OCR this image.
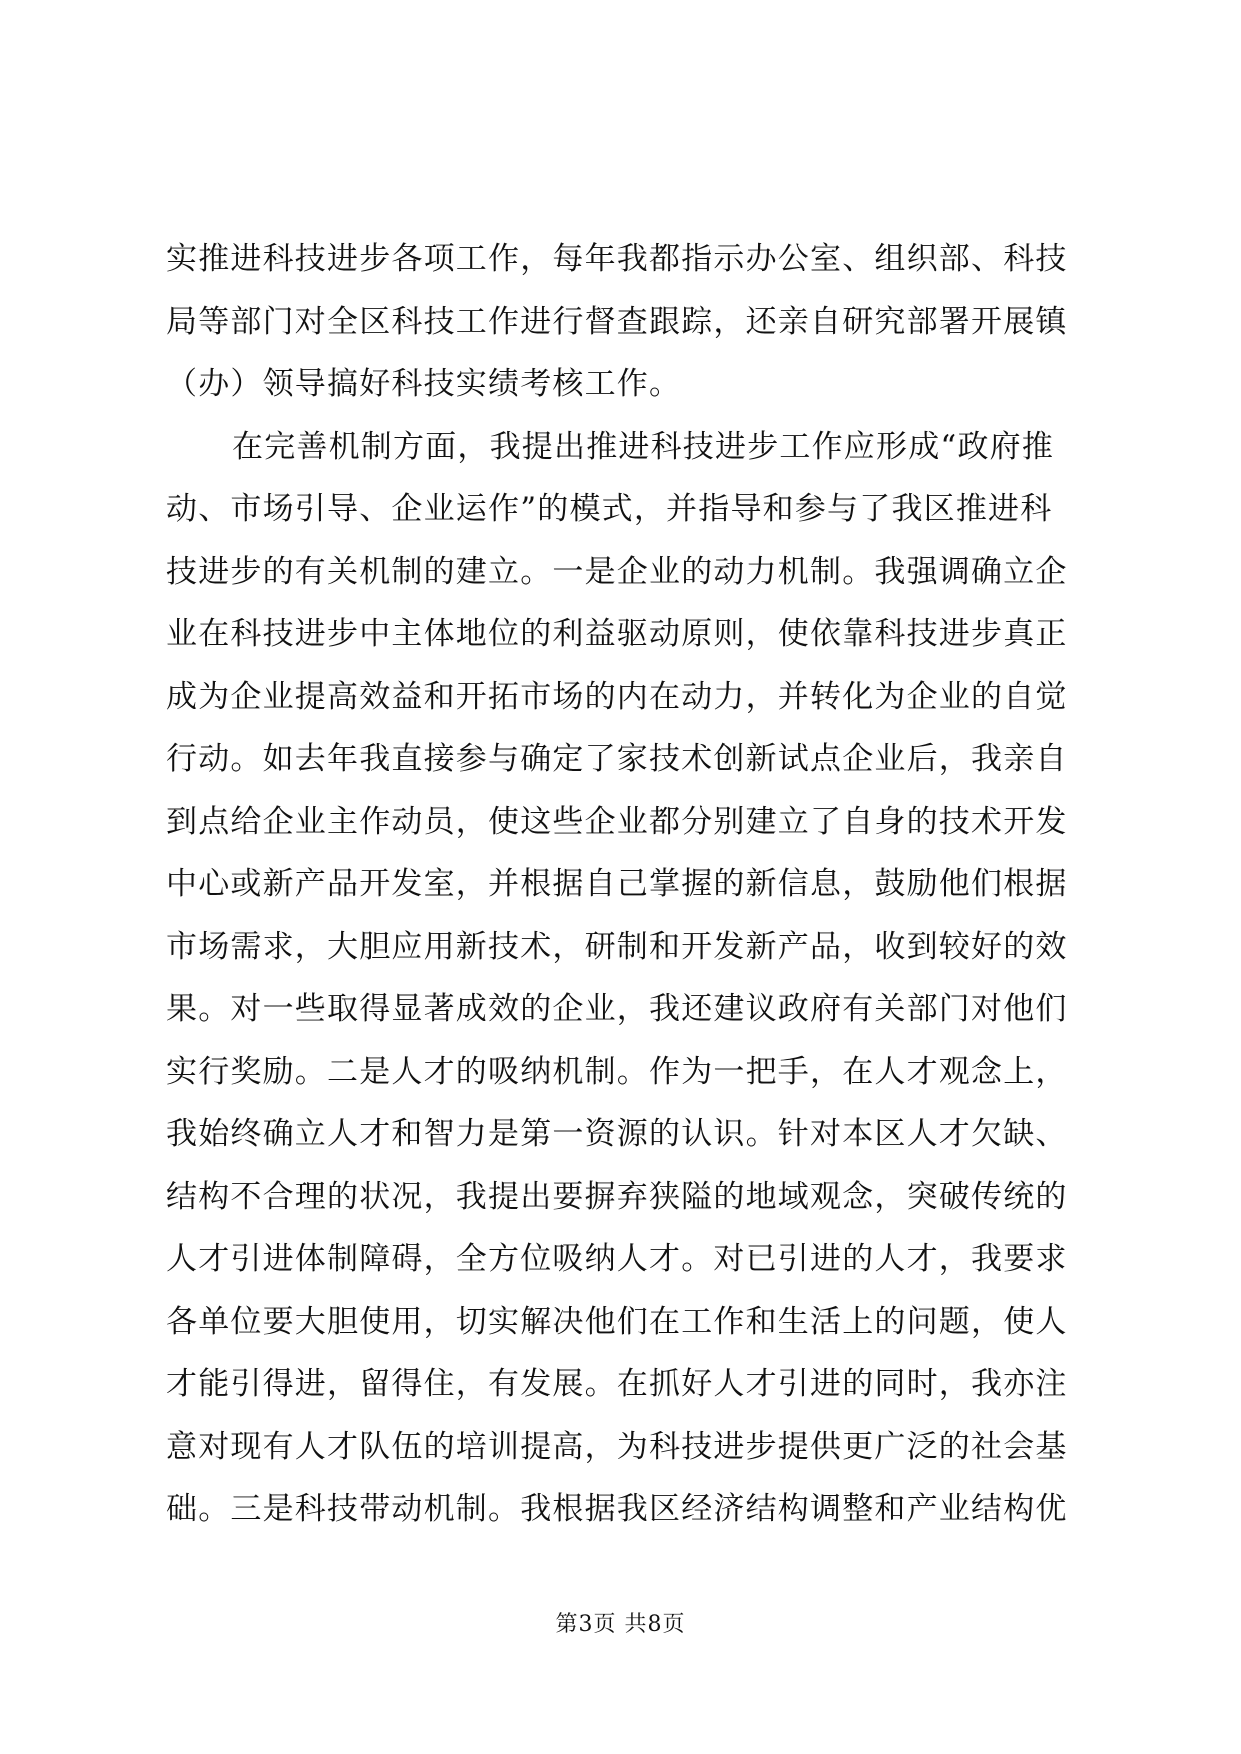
实推进科技进步各项工作，每年我都指示办公室、组织部、科技
局等部门对全区科技工作进行督查跟踪，还亲自研究部署开展镇
（办）领导搞好科技实绩考核工作。
在完善机制方面，我提出推进科技进步工作应形成“政府推
动、市场引导、企业运作”的模式，并指导和参与了我区推进科
技进步的有关机制的建立。一是企业的动力机制。我强调确立企
业在科技进步中主体地位的利益驱动原则，使依靠科技进步真正
成为企业提高效益和开拓市场的内在动力，并转化为企业的自觉
行动。如去年我直接参与确定了家技术创新试点企业后，我亲自
到点给企业主作动员，使这些企业都分别建立了自身的技术开发
中心或新产品开发室，并根据自己掌握的新信息，鼓励他们根据
市场需求，大胆应用新技术，研制和开发新产品，收到较好的效
果。对一些取得显著成效的企业，我还建议政府有关部门对他们
实行奖励。二是人才的吸纳机制。作为一把手，在人才观念上，
我始终确立人才和智力是第一资源的认识。针对本区人才欠缺、
结构不合理的状况，我提出要摒弃狭隘的地域观念，突破传统的
人才引进体制障碍，全方位吸纳人才。对已引进的人才，我要求
各单位要大胆使用，切实解决他们在工作和生活上的问题，使人
才能引得进，留得住，有发展。在抓好人才引进的同时，我亦注
意对现有人才队伍的培训提高，为科技进步提供更广泛的社会基
础。三是科技带动机制。我根据我区经济结构调整和产业结构优
第3页 共8页
